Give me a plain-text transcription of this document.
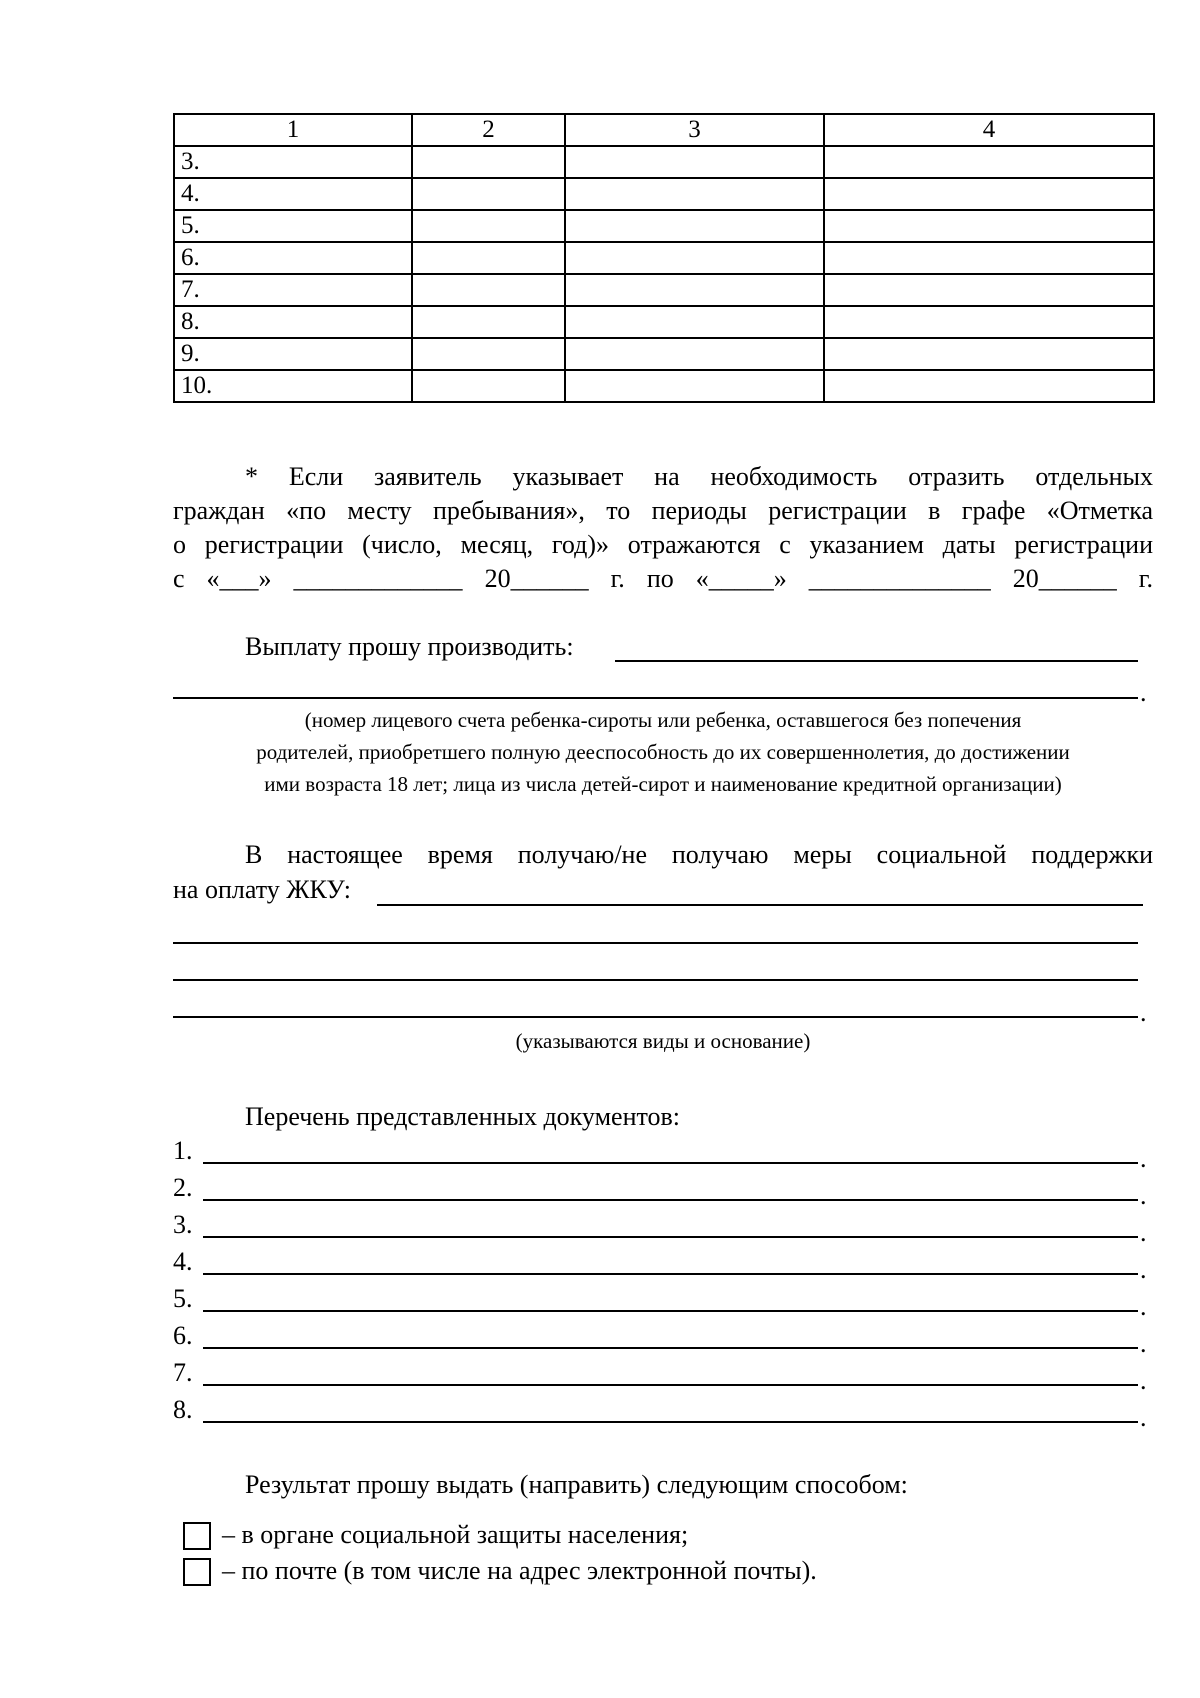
1	2	3	4
3.			
4.			
5.			
6.			
7.			
8.			
9.			
10.			

* Если заявитель указывает на необходимость отразить отдельных

граждан «по месту пребывания», то периоды регистрации в графе «Отметка

о регистрации (число, месяц, год)» отражаются с указанием даты регистрации

с «___» _____________ 20______ г. по «_____» ______________ 20______ г.

Выплату прошу производить:
.
(номер лицевого счета ребенка-сироты или ребенка, оставшегося без попечения
родителей, приобретшего полную дееспособность до их совершеннолетия, до достижении
ими возраста 18 лет; лица из числа детей-сирот и наименование кредитной организации)
В настоящее время получаю/не получаю меры социальной поддержки
на оплату ЖКУ:
.
(указываются виды и основание)
Перечень представленных документов:
1.	.
2.	.
3.	.
4.	.
5.	.
6.	.
7.	.
8.	.
Результат прошу выдать (направить) следующим способом:
– в органе социальной защиты населения;
– по почте (в том числе на адрес электронной почты).
